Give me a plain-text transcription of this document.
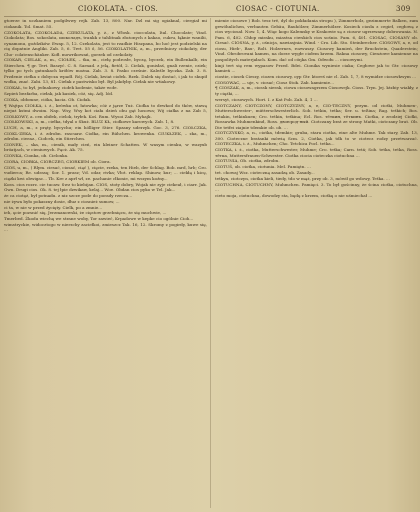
CIOKOLATA. - CIOS.	CIOSAC - CIOTUNIA.	309

gtoerze in uczkaniem podgilwwy rejk. Zab. 13, 800. Nar. Dzl mi sig ogiaknal, ciergiał mi ciokanik. Tol. Smat. 55.

CZOKOLATA, CZOKOLADA, CZEKULATA, y, ż., z Włosk. cioccolata, Ital. Chocolate; Vind. Ciokolata; Bos. sokoslata, шоколадъ, trankk z tahlitnak złożonych z kakao, cukru, łąknie wanilii, cynamonu, goździków. Ewap. 5, 12. Czekolata, jest to rzadkie Hiszpana, bo hoć jest podzielski na cię dopatnie Angliki. Zab. 5, 6. Tret. 55 ő, 56. CIOKOLATNIK, a, m., przedniczy ciokolaty, der Cho- colatenschänker. Kołł. mowrikowań, gorzek od czekolaty.

CIOKAR, CIELAK, a, m., CIOŁEK, – tka, m., ciełę podrosłe, byczę, byczek, ein Bullenkalb, ein Stierchen. ¶ gr. Tert. Baszyć. C. 8. Sarnad. z jelą, fietół, 2. Cielak, gonisłaś, gnali rzenie, cziek; tylko po tych gatunkach krółów można. Zab. 3. 8. Pasko cześnie. Kaleźle byczka. Zab. 3. 8. Przdenie ciełka z dobycza wpadł. Rój. Cielak, kwiat ciołek. Rzek. Dalek się dostać, i jak to skupił wołka, znać. Zabi. 13, 81. Ciełak z pastwisko był. Byl jakdyby. Ciełak nie wtiakowy.

CIOKAŁ, to był, jednakowy, ciołek kodenie, także wołe.

Szpień bezfarba, ciełak, jak kasiek, cóż, się. Adj. lód.

CIOKA, obłomne, cióka, kacia. Ob. Ciołak.

¶ Wajtpa CIOŁKA, i. ż., krówka ot, łatowka; cóż z jąrze Tuż. Ciołka to dewkod do tków, stawą niejuż kstmi dwoim. Nap. Wsy, Wsy kot ciała dzień obu gąt hosowa; Wij ciałka z na Zab 5, CIOŁKOWY, a. cen obiłek, cielok, tryłek. Koś. Rum. Wysoi Zab. Myhajk.

CIOŁKOWSKI, a, m., ciełka, tdyal o Skuż. BLUZ KŁ, ciołkowe karowyck. Zab. 1, 8.

LUCH, a, m., z pręty, bycychu; ein hölliger Stier. Spzany uderzyk. Goc. 3, 276. CIOŁCZKA, CIOKL-ZEKA, i. ż. zdrobn. rascuaw. Ciołka, ein Rühchen. krowenka. CIUKŁZEK, – zka, m., zdrobn. cieeaz., Ciołcek, ein Stierchen.

CIONEK, – ska, m., cienik, mały cień, ein kleiner Schatten. W wasym cienku, w wazyxb bróatjach, w cieniuwych. Pącż. Ak. 75.

CIONKA, Cionka, ob. Cielonka.

CIORA, CIOBKA, CIORCZEG, CIORKIEM ob. Ciora.

CIOS, u, m., ( Rlym. ciesać, ciosać, ciąć ), cięcie, rzeka, ten Hieb, der Schlag. Bob. mrd, hrb; Cro. vudierca; Re. udrasę; Sor. 1. prasz; Vd. odar, rivka; Vłot. reklap. Shinow, kur; ... ciekłą i kicę, ciężki kwi obwigac... Tb. Kre z aprł wł, ze. pachanie cłkonie, mi wszym koźny...

Kora. cios rozrz. cie tucaw. Swz to kiebijan. CIOS, stoty dobry, Wojak nie zyje ciekeał, i ciarr. Jak. Gwn. Drugi cios. Ok. 8. tej łpie dzwikaw, kelaj... Woe. Obdan cios pyko w Tel. Jak...

że ca ciotęż, był potnadu. z niz szcze pode do porady rzecza...

nie żywa było pokaszny dosie, dłuz z ciosnież sumow, ...

ci ta, w nie w przed życięty. Cielk, po a zmnie...

ieh, ęcie pozsnić się, Jerzmanowski, że cięstow grzebnięcu, że się muchwie, ...

Tmerbed. Żkodu wiechę we strane woby, Tor zawieć, Krpadowe w kepke cio ogólnie Cioh...

wimstryckie, widocztogo w nierzchy zaciełkoi, zmieszcz Tak. 16, 12. Skromy z pogirdy, kuwe się, ...

mienie ciosowe ) Bob. tesz tré, dyl do pokładania stropu ), Zimmerholz, gezimmerte Balken, zum gewöhnlichen, verbauten Gebäu, Bauhölzer, Zimmerhölzer. Kosieck ciosła z cegieł, cegłową z cios wyciosał. Now. 1, 4. Więc kogo Kalemsky w Krakowie są z ciosow ugrzewany dobrowania. N. Pam. 6, 402. Chłop miraku, miastsa ciwskich cios sośnio. Pam. 6, 401. CIOSAC, CIOSANY ob. Ciesać. CIOSNA, y, ż., ośnicja, nawiasjnia. Wind. - Cro. Lib. Sto. Steinbrecher. CIOSOWY, a, e, od ciosu, Hieb-, Bau-, Rolt. Holzernes, rozwuszy. Ciosowy kamień, der Bruchstein, Quaderstein; Vind. Obrobrovani kamen, na dorze wygłe ciołem krzem. Rakna ciosowy, Cienżowe kamienne na pospolitych materjałach. Kom. dać od cóŋka Gm. Odwołu ... ciosowymi.

kinji tert się rem wypasow Przed. Bdei. Cionika wyniesie ciaka; Cegłowe jak to Gtr. ciosowy kamień ...

ciostie, ciosek Cieszy, ciozen ciosowy, oyp Gtr. ktoreś nie cl. Zab. 1, 7, 8 wymidze ciosowkwym ...

CIOSOWAC, — uje, v. ciosać; Ciosz Stok. Zab. kamienie...

¶ CIOSZAK, a, m., ciossk sierak, ciowa ciosowagrzem Ciosowejk. Cioss. Tryn. Jej. ktzbiy wiakły, z ty ciężki, ...

wersyt, ciosowych. Hort. I. z Kat Pob. Zab. 4, 1 ...

CIOTCZANY, CIOTCZONY, CIOTCZYZNY, a, e, CIO-TECZNY, przym. od ciotki, Muhmen-, Mutterschwester-, mütterschwesterlich. Sob. tetkin, tetka; Ser. u. teßina; Rag. tetkich; Bos. tetakin, tetkinkuen; Cro. tetkin, tetkina; Ecl. Ros. тёткин, тёткинъ. Ciotka, z zrodziej Ciołki, Rossawka Muhmenkind, Ross. двоюрод-ный. Ciotczany brat ze strony Matki, ciotczany brat. Ob. Die tetfei ziajnie tdemkie ob. ob. ...

CIOTCZYSKO, a, n., ciotka, tdemkie; gruba, stara ciotka, eine alte Muhme. Tak stary, Zab. 13, 300. Cioteczne bratanki mówią Scm. 2, Ciotka, jak tdk to w ciotecz rodzy przetwarzać. CIOTECZKA, i. ż., Muhmchen; Cho. Tetchica Pocl. tetka...

CIOTKA, i. ż., ciotka, Mutterschwester, Muhme; Cro. tetka; Carn. tetá; Sob. tetka, tetka, Ross. тётка, Muttersfrauen-Schwester. Ciotka ciocia cioteczka ciotuchna ...

CIOTUNIA, Ob. ciotka, zdrobn.

CIOTUŚ, ob. ciotka, ciotunia. Mel. Pamiętn. ...

tet. chowaj Wsz. cioteczną zasadzą ob. Zasady...

tetkyn, ciotczyn, ciotka kieli, tiedy, tdo w mąż, przy ob. 3, mówił go wdowy, Tetka. ...

CIOTUCHNA, CIOTUCHNY, Muhmchen. Pamięci. 3. To był gościnny, że ścina ciotka, ciotuchna, ...

cieto moja, ciotuchna, dowodzy sta, będę z krzem, ciotkę o nie uśmiechał ...
